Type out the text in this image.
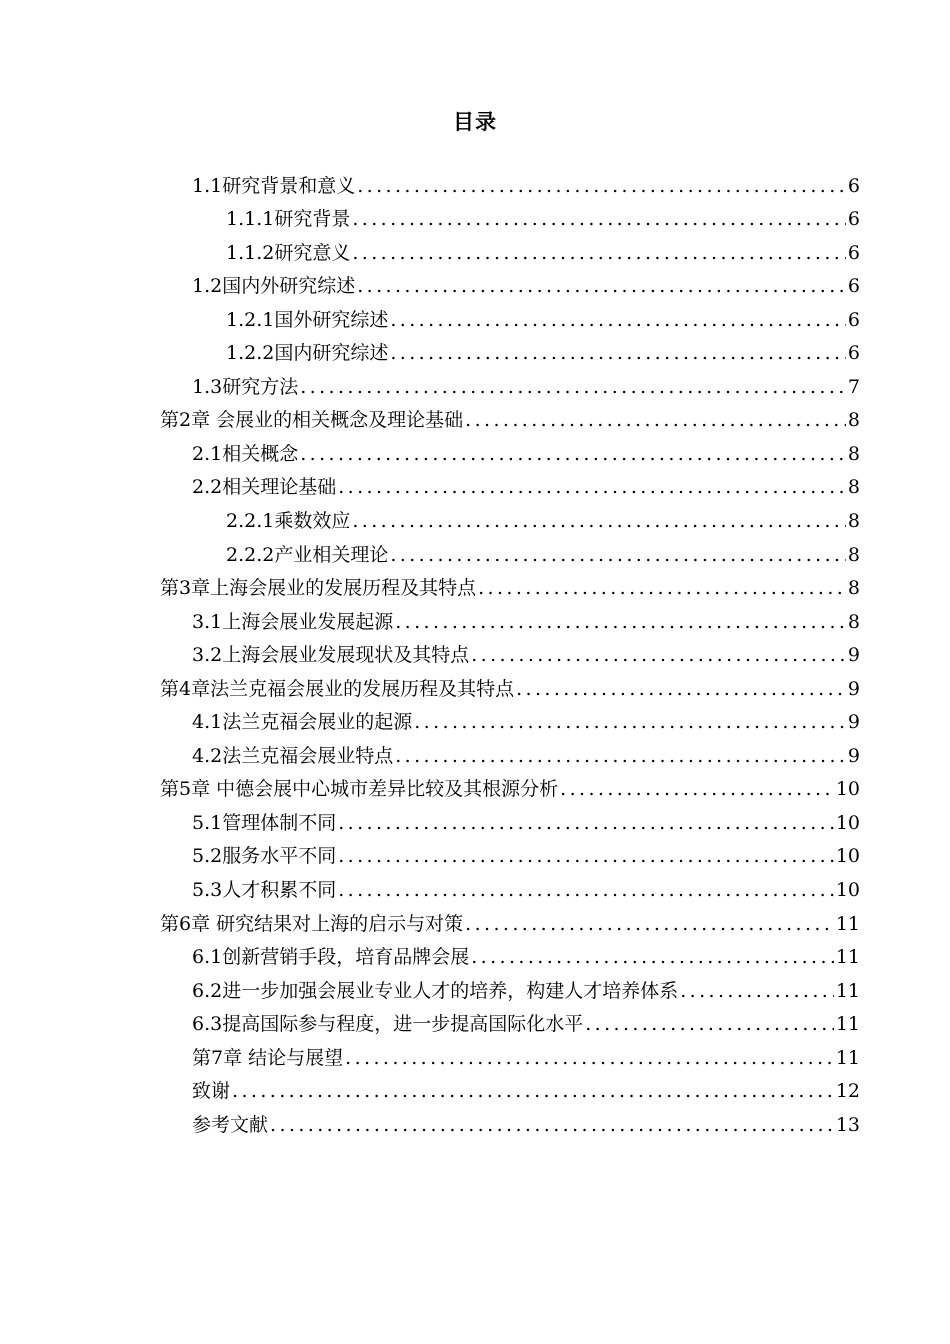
目录
1.1研究背景和意义 .....	6
1.1.1研究背景 .....	6
1.1.2研究意义 .....	6
1.2国内外研究综述 .....	6
1.2.1国外研究综述 .....	6
1.2.2国内研究综述 .....	6
1.3研究方法 .....	7
第2章 会展业的相关概念及理论基础 .....	8
2.1相关概念 .....	8
2.2相关理论基础 .....	8
2.2.1乘数效应 .....	8
2.2.2产业相关理论 .....	8
第3章上海会展业的发展历程及其特点 .....	8
3.1上海会展业发展起源 .....	8
3.2上海会展业发展现状及其特点 .....	9
第4章法兰克福会展业的发展历程及其特点 .....	9
4.1法兰克福会展业的起源 .....	9
4.2法兰克福会展业特点 .....	9
第5章 中德会展中心城市差异比较及其根源分析 .....	10
5.1管理体制不同 .....	10
5.2服务水平不同 .....	10
5.3人才积累不同 .....	10
第6章 研究结果对上海的启示与对策 .....	11
6.1创新营销手段，培育品牌会展 .....	11
6.2进一步加强会展业专业人才的培养，构建人才培养体系 .....	11
6.3提高国际参与程度，进一步提高国际化水平 .....	11
第7章 结论与展望 .....	11
致谢 .....	12
参考文献 .....	13
